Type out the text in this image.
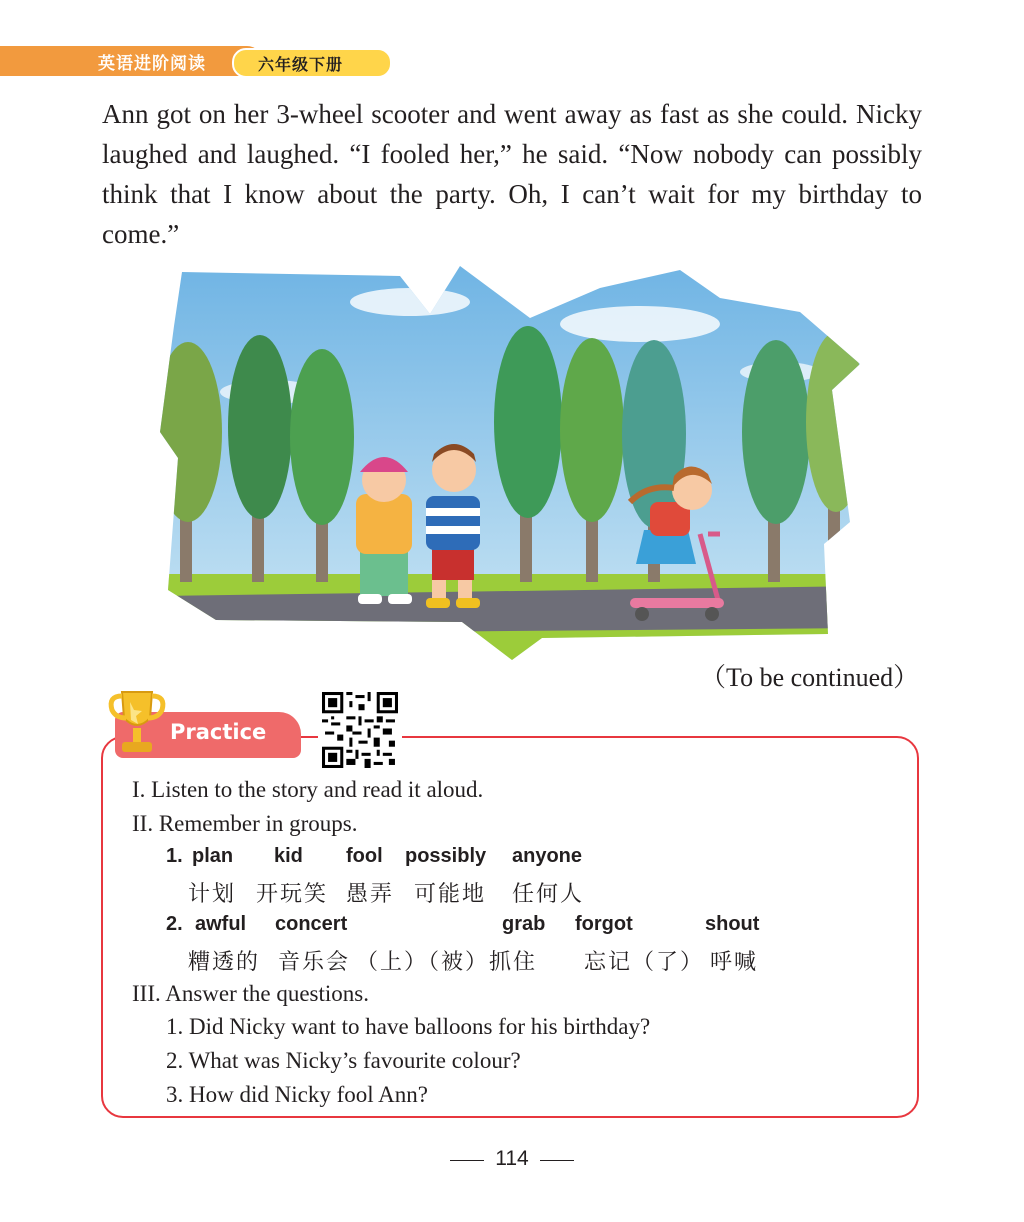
英语进阶阅读	六年级下册

Ann got on her 3-wheel scooter and went away as fast as she could. Nicky laughed and laughed. “I fooled her,” he said. “Now nobody can possibly think that I know about the party. Oh, I can’t wait for my birthday to come.”

（To be continued）
Practice
I. Listen to the story and read it aloud.
II. Remember in groups.
1. plan kid fool possibly anyone
计划 开玩笑 愚弄 可能地 任何人
2. awful concert	grab forgot	shout
糟透的 音乐会 （上）（被）抓住 忘记（了） 呼喊
III. Answer the questions.
1. Did Nicky want to have balloons for his birthday?
2. What was Nicky’s favourite colour?
3. How did Nicky fool Ann?
114
